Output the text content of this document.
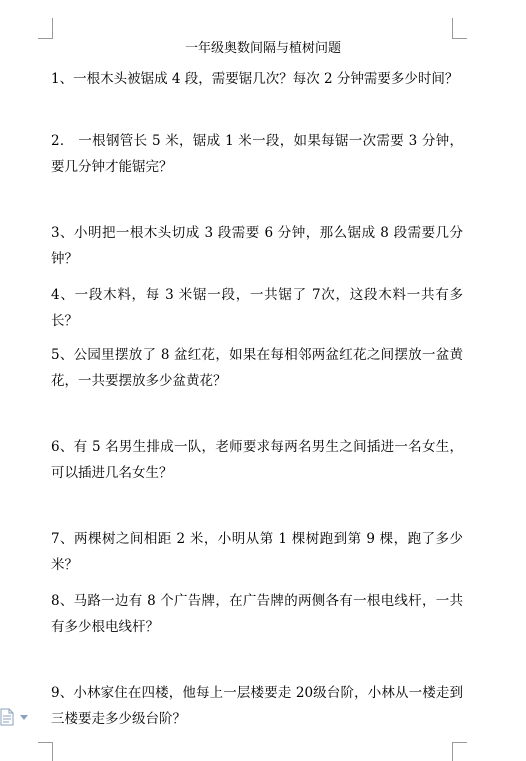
一年级奥数间隔与植树问题
1、一根木头被锯成 4 段，需要锯几次？每次 2 分钟需要多少时间？
2． 一根钢管长 5 米，锯成 1 米一段，如果每锯一次需要 3 分钟，要几分钟才能锯完？
3、小明把一根木头切成 3 段需要 6 分钟，那么锯成 8 段需要几分钟？
4、一段木料，每 3 米锯一段，一共锯了 7次，这段木料一共有多长？
5、公园里摆放了 8 盆红花，如果在每相邻两盆红花之间摆放一盆黄花，一共要摆放多少盆黄花？
6、有 5 名男生排成一队，老师要求每两名男生之间插进一名女生，可以插进几名女生？
7、两棵树之间相距 2 米，小明从第 1 棵树跑到第 9 棵，跑了多少米？
8、马路一边有 8 个广告牌，在广告牌的两侧各有一根电线杆，一共有多少根电线杆？
9、小林家住在四楼，他每上一层楼要走 20级台阶，小林从一楼走到三楼要走多少级台阶？
